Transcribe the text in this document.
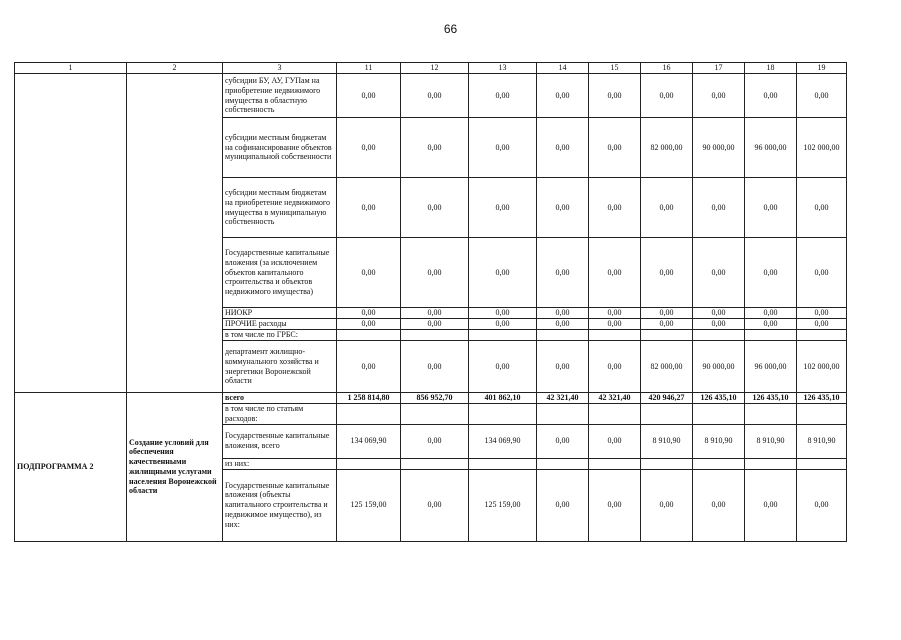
66
1	2	3	11	12	13	14	15	16	17	18	19
		субсидии БУ, АУ, ГУПам на приобретение недвижимого имущества в областную собственность	0,00	0,00	0,00	0,00	0,00	0,00	0,00	0,00	0,00
		субсидии местным бюджетам на софинансирование объектов муниципальной собственности	0,00	0,00	0,00	0,00	0,00	82 000,00	90 000,00	96 000,00	102 000,00
		субсидии местным бюджетам на приобретение недвижимого имущества в муниципальную собственность	0,00	0,00	0,00	0,00	0,00	0,00	0,00	0,00	0,00
		Государственные капитальные вложения (за исключением объектов капитального строительства и объектов недвижимого имущества)	0,00	0,00	0,00	0,00	0,00	0,00	0,00	0,00	0,00
		НИОКР	0,00	0,00	0,00	0,00	0,00	0,00	0,00	0,00	0,00
		ПРОЧИЕ расходы	0,00	0,00	0,00	0,00	0,00	0,00	0,00	0,00	0,00
		в том числе по ГРБС:									
		департамент жилищно-коммунального хозяйства и энергетики Воронежской области	0,00	0,00	0,00	0,00	0,00	82 000,00	90 000,00	96 000,00	102 000,00
ПОДПРОГРАММА 2	Создание условий для обеспечения качественными жилищными услугами населения Воронежской области	всего	1 258 814,80	856 952,70	401 862,10	42 321,40	42 321,40	420 946,27	126 435,10	126 435,10	126 435,10
		в том числе по статьям расходов:									
		Государственные капитальные вложения, всего	134 069,90	0,00	134 069,90	0,00	0,00	8 910,90	8 910,90	8 910,90	8 910,90
		из них:									
		Государственные капитальные вложения (объекты капитального строительства и недвижимое имущество), из них:	125 159,00	0,00	125 159,00	0,00	0,00	0,00	0,00	0,00	0,00
